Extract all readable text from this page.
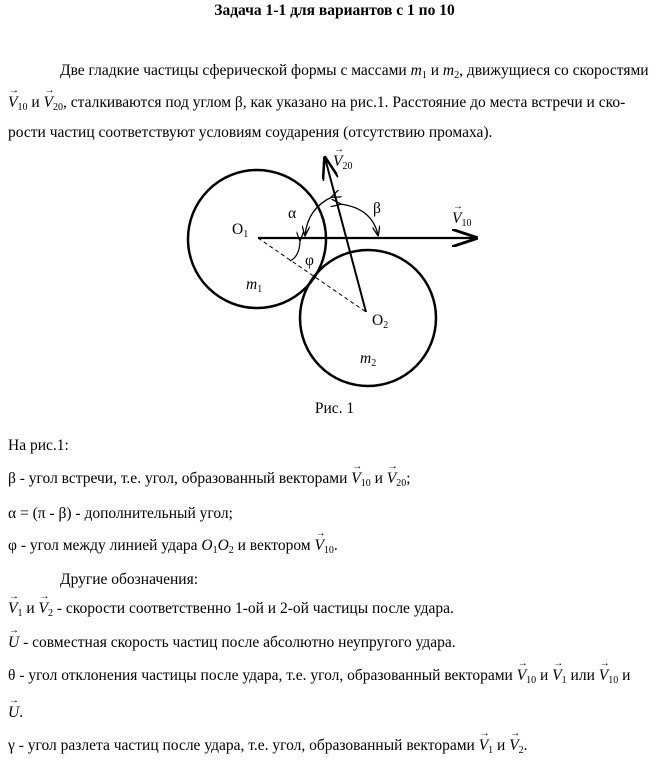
Задача 1-1 для вариантов с 1 по 10
Две гладкие частицы сферической формы с массами $m_1$ и $m_2$, движущиеся со скоростями
→ $V_{10}$ $и \to V_{20}$, сталкиваются под углом β, как указано на рис.1. Расстояние до места встречи и ско-
рости частиц соответствуют условиям соударения (отсутствию промаха).
→ $V_{20}$
→ $V_{10}$
$O_1$
$O_2$
α	β
φ
$m_1$
$m_2$
Рис. 1
На рис.1:
β - угол встречи, т.е. угол, образованный векторами → $V_{10}$ $и \to V_{20}$;
α = (π - β) - дополнительный угол;
φ - угол между линией удара $O_1O_2$ и вектором → $V_{10}$.
Другие обозначения:
→ $V_1$ $и \to V_2$ - скорости соответственно 1-ой и 2-ой частицы после удара.
→ U - совместная скорость частиц после абсолютно неупругого удара.
θ - угол отклонения частицы после удара, т.е. угол, образованный векторами → $V_{10}$ $и \to V_1$ или → $V_{10}$ и
→ U.
γ - угол разлета частиц после удара, т.е. угол, образованный векторами → $V_1$ $и \to V_2$.
